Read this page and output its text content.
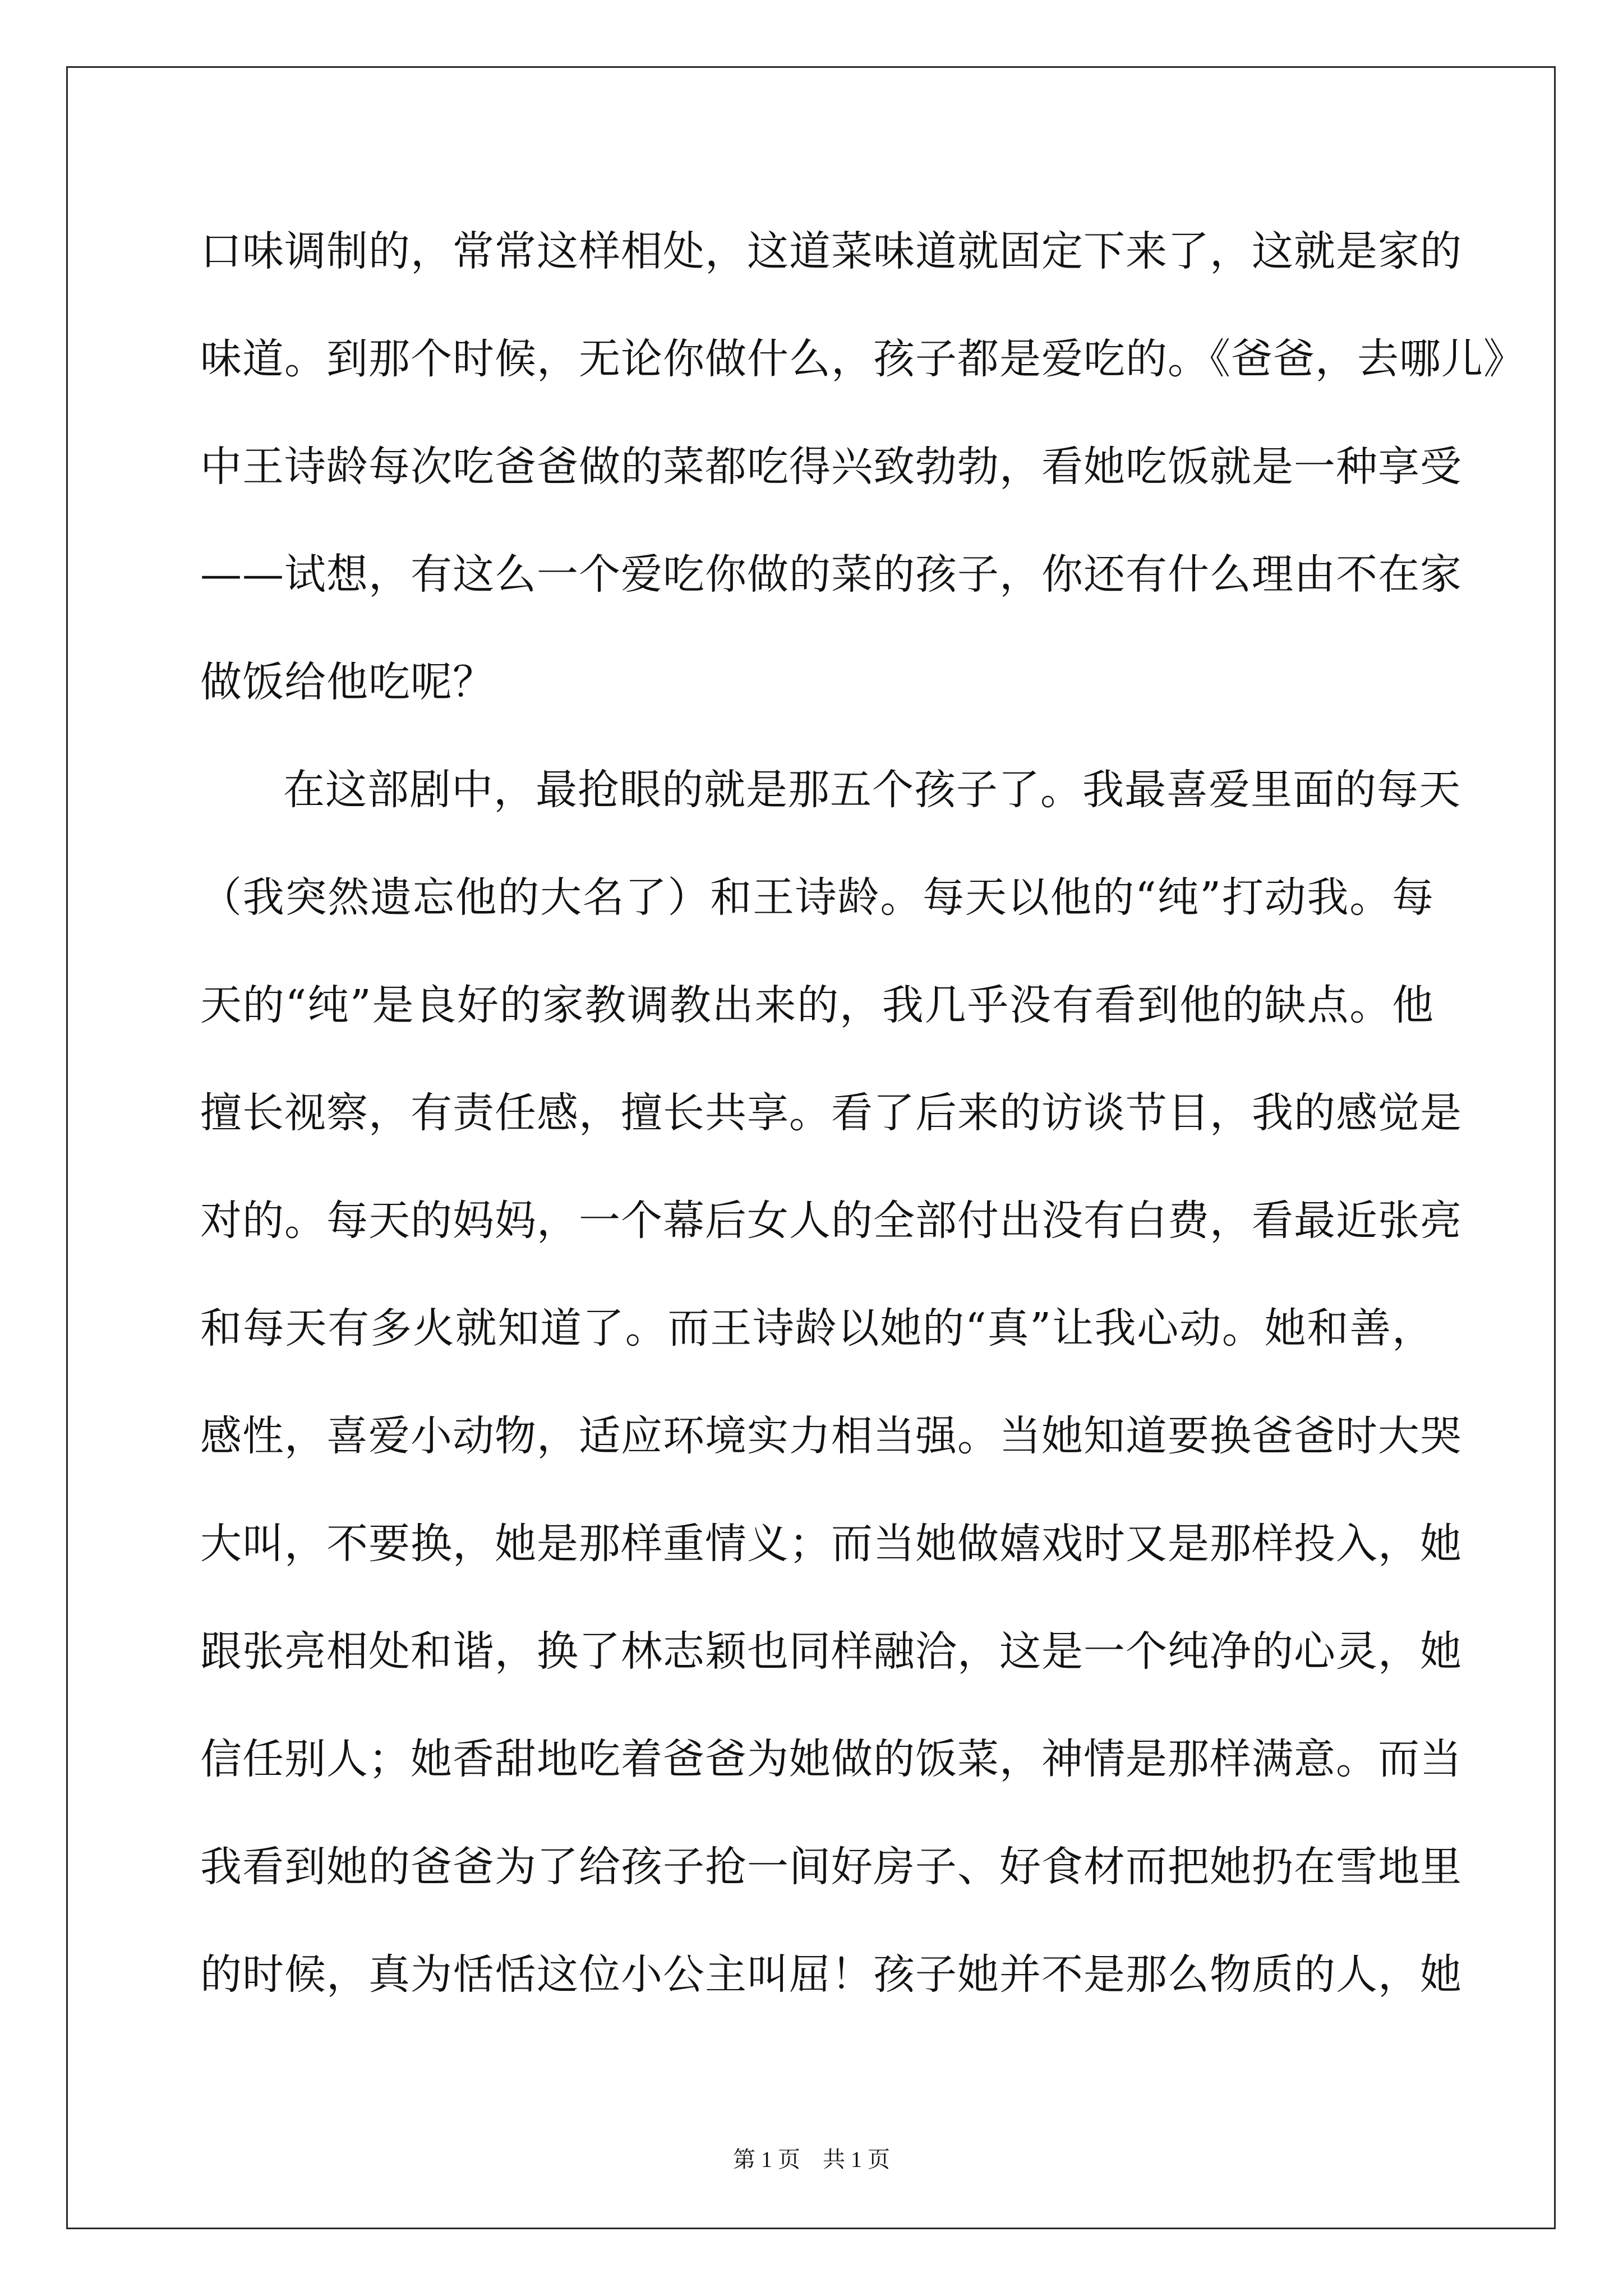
口味调制的，常常这样相处，这道菜味道就固定下来了，这就是家的
味道。到那个时候，无论你做什么，孩子都是爱吃的。《爸爸，去哪儿》
中王诗龄每次吃爸爸做的菜都吃得兴致勃勃，看她吃饭就是一种享受
——试想，有这么一个爱吃你做的菜的孩子，你还有什么理由不在家
做饭给他吃呢？
在这部剧中，最抢眼的就是那五个孩子了。我最喜爱里面的每天
（我突然遗忘他的大名了）和王诗龄。每天以他的“纯”打动我。每
天的“纯”是良好的家教调教出来的，我几乎没有看到他的缺点。他
擅长视察，有责任感，擅长共享。看了后来的访谈节目，我的感觉是
对的。每天的妈妈，一个幕后女人的全部付出没有白费，看最近张亮
和每天有多火就知道了。而王诗龄以她的“真”让我心动。她和善，
感性，喜爱小动物，适应环境实力相当强。当她知道要换爸爸时大哭
大叫，不要换，她是那样重情义；而当她做嬉戏时又是那样投入，她
跟张亮相处和谐，换了林志颖也同样融洽，这是一个纯净的心灵，她
信任别人；她香甜地吃着爸爸为她做的饭菜，神情是那样满意。而当
我看到她的爸爸为了给孩子抢一间好房子、好食材而把她扔在雪地里
的时候，真为恬恬这位小公主叫屈！孩子她并不是那么物质的人，她
第 1 页　共 1 页
